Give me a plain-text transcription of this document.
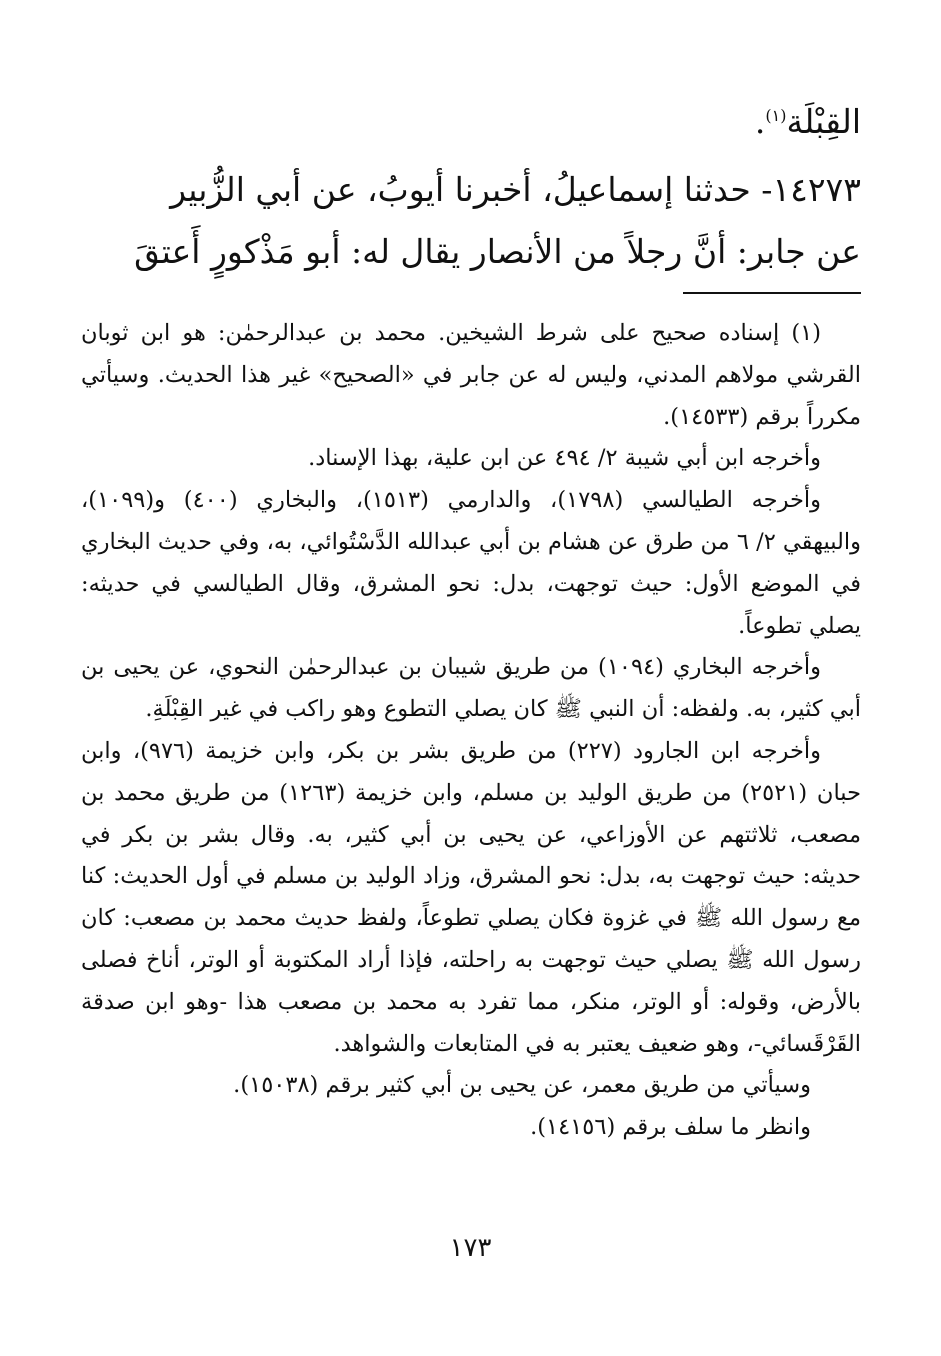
القِبْلَة$^{(١)}$.

١٤٢٧٣- حدثنا إسماعيلُ، أخبرنا أيوبُ، عن أبي الزُّبير

عن جابر: أنَّ رجلاً من الأنصار يقال له: أبو مَذْكورٍ أَعتقَ

(١) إسناده صحيح على شرط الشيخين. محمد بن عبدالرحمٰن: هو ابن ثوبان القرشي مولاهم المدني، وليس له عن جابر في «الصحيح» غير هذا الحديث. وسيأتي مكرراً برقم (١٤٥٣٣).

وأخرجه ابن أبي شيبة ٢/ ٤٩٤ عن ابن علية، بهذا الإسناد.

وأخرجه الطيالسي (١٧٩٨)، والدارمي (١٥١٣)، والبخاري (٤٠٠) و(١٠٩٩)، والبيهقي ٢/ ٦ من طرق عن هشام بن أبي عبدالله الدَّسْتُوائي، به، وفي حديث البخاري في الموضع الأول: حيث توجهت، بدل: نحو المشرق، وقال الطيالسي في حديثه: يصلي تطوعاً.

وأخرجه البخاري (١٠٩٤) من طريق شيبان بن عبدالرحمٰن النحوي، عن يحيى بن أبي كثير، به. ولفظه: أن النبي ﷺ كان يصلي التطوع وهو راكب في غير القِبْلَةِ.

وأخرجه ابن الجارود (٢٢٧) من طريق بشر بن بكر، وابن خزيمة (٩٧٦)، وابن حبان (٢٥٢١) من طريق الوليد بن مسلم، وابن خزيمة (١٢٦٣) من طريق محمد بن مصعب، ثلاثتهم عن الأوزاعي، عن يحيى بن أبي كثير، به. وقال بشر بن بكر في حديثه: حيث توجهت به، بدل: نحو المشرق، وزاد الوليد بن مسلم في أول الحديث: كنا مع رسول الله ﷺ في غزوة فكان يصلي تطوعاً، ولفظ حديث محمد بن مصعب: كان رسول الله ﷺ يصلي حيث توجهت به راحلته، فإذا أراد المكتوبة أو الوتر، أناخ فصلى بالأرض، وقوله: أو الوتر، منكر، مما تفرد به محمد بن مصعب هذا -وهو ابن صدقة القَرْقَسائي-، وهو ضعيف يعتبر به في المتابعات والشواهد.

وسيأتي من طريق معمر، عن يحيى بن أبي كثير برقم (١٥٠٣٨).

وانظر ما سلف برقم (١٤١٥٦).

١٧٣
